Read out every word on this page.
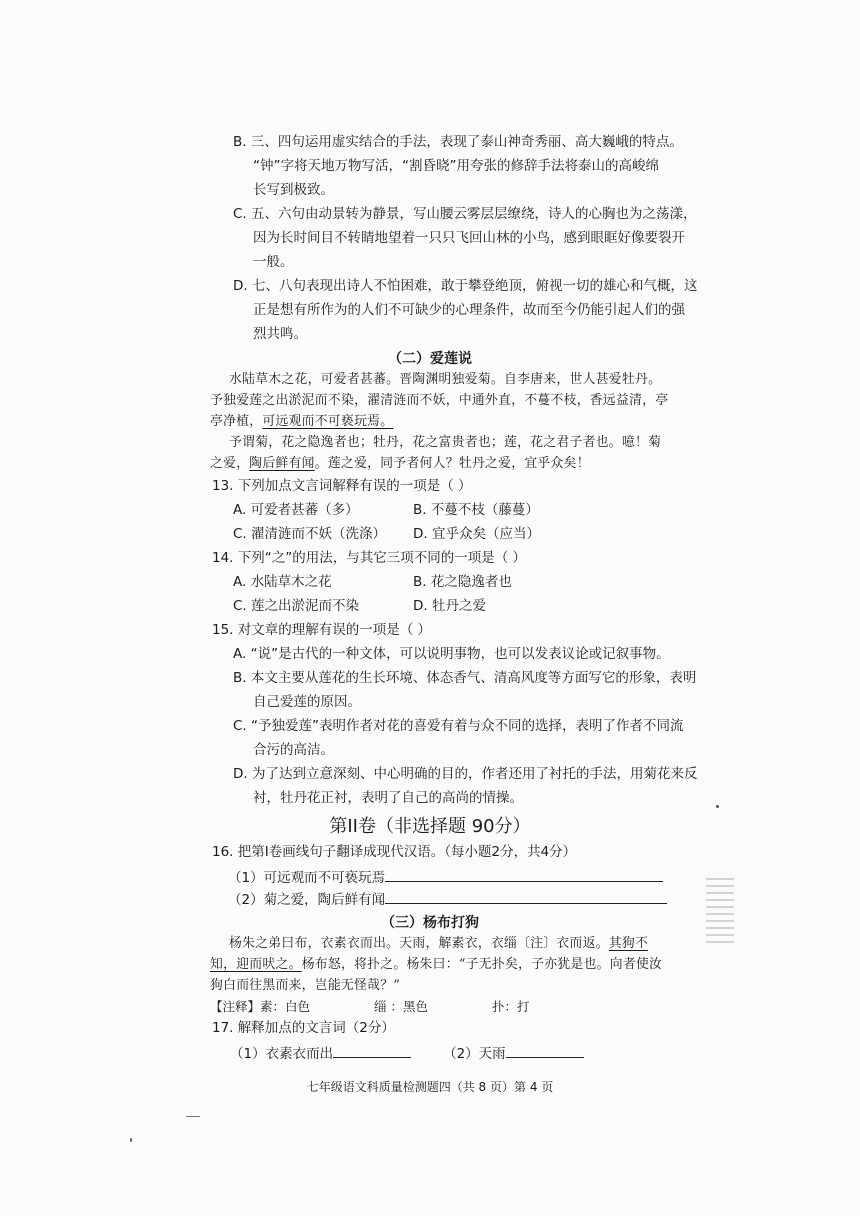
B. 三、四句运用虚实结合的手法，表现了泰山神奇秀丽、高大巍峨的特点。
“钟”字将天地万物写活，“割昏晓”用夸张的修辞手法将泰山的高峻绵
长写到极致。
C. 五、六句由动景转为静景，写山腰云雾层层缭绕，诗人的心胸也为之荡漾，
因为长时间目不转睛地望着一只只飞回山林的小鸟，感到眼眶好像要裂开
一般。
D. 七、八句表现出诗人不怕困难，敢于攀登绝顶，俯视一切的雄心和气概，这
正是想有所作为的人们不可缺少的心理条件，故而至今仍能引起人们的强
烈共鸣。
（二）爱莲说
水陆草木之花，可爱者甚蕃。晋陶渊明独爱菊。自李唐来，世人甚爱牡丹。
予独爱莲之出淤泥而不染，濯清涟而不妖，中通外直，不蔓不枝，香远益清，亭
亭净植，可远观而不可亵玩焉。
予谓菊，花之隐逸者也；牡丹，花之富贵者也；莲，花之君子者也。噫！菊
之爱，陶后鲜有闻。莲之爱，同予者何人？牡丹之爱，宜乎众矣！
13. 下列加点文言词解释有误的一项是（ ）
A. 可爱者甚蕃（多）	B. 不蔓不枝（藤蔓）
C. 濯清涟而不妖（洗涤） D. 宜乎众矣（应当）
14. 下列“之”的用法，与其它三项不同的一项是（ ）
A. 水陆草木之花	B. 花之隐逸者也
C. 莲之出淤泥而不染	D. 牡丹之爱
15. 对文章的理解有误的一项是（ ）
A. “说”是古代的一种文体，可以说明事物，也可以发表议论或记叙事物。
B. 本文主要从莲花的生长环境、体态香气、清高风度等方面写它的形象，表明
自己爱莲的原因。
C. “予独爱莲”表明作者对花的喜爱有着与众不同的选择，表明了作者不同流
合污的高洁。
D. 为了达到立意深刻、中心明确的目的，作者还用了衬托的手法，用菊花来反
衬，牡丹花正衬，表明了自己的高尚的情操。
第II卷（非选择题 90分）
16. 把第I卷画线句子翻译成现代汉语。（每小题2分，共4分）
（1）可远观而不可亵玩焉
（2）菊之爱，陶后鲜有闻
（三）杨布打狗
杨朱之弟曰布，衣素衣而出。天雨，解素衣，衣缁〔注〕衣而返。其狗不
知，迎而吠之。杨布怒，将扑之。杨朱曰：“子无扑矣，子亦犹是也。向者使汝
狗白而往黑而来，岂能无怪哉？”
【注释】素：白色	缁 ：黑色	扑：打
17. 解释加点的文言词（2分）
（1）衣素衣而出	（2）天雨
七年级语文科质量检测题四（共 8 页）第 4 页
